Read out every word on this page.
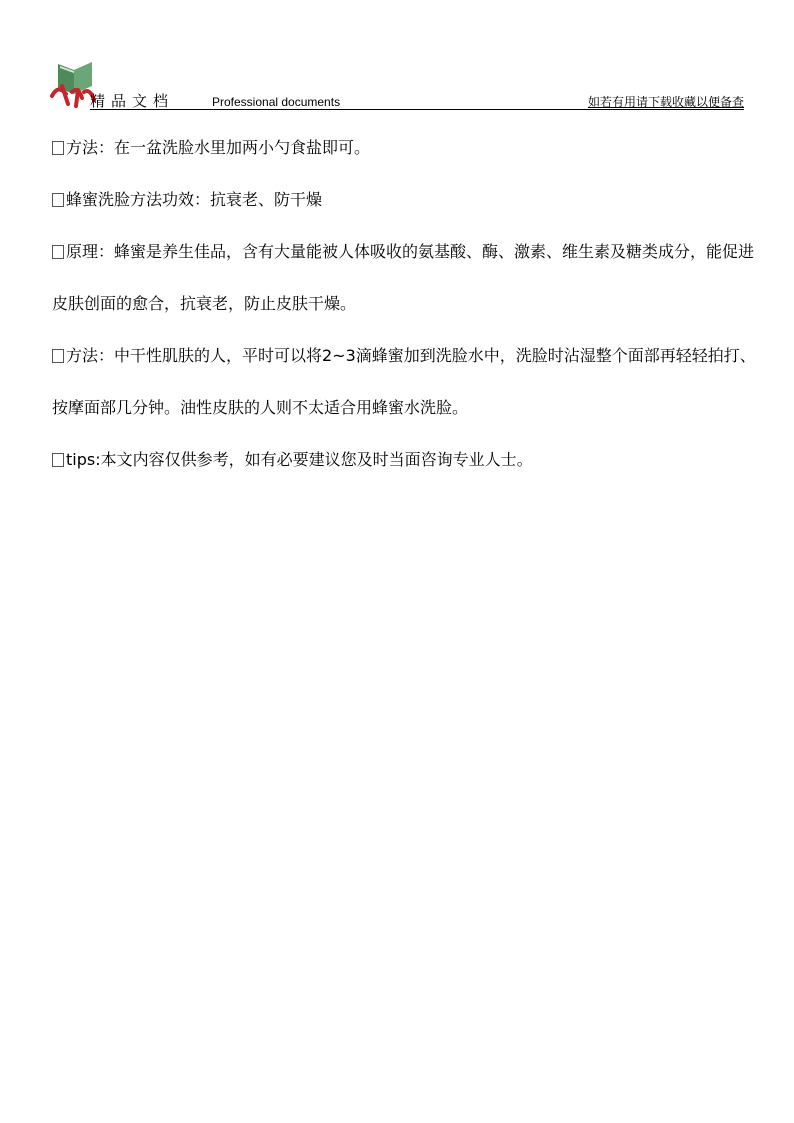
精品文档	Professional documents	如若有用请下载收藏以便备查

方法：在一盆洗脸水里加两小勺食盐即可。

蜂蜜洗脸方法功效：抗衰老、防干燥

原理：蜂蜜是养生佳品，含有大量能被人体吸收的氨基酸、酶、激素、维生素及糖类成分，能促进皮肤创面的愈合，抗衰老，防止皮肤干燥。

方法：中干性肌肤的人，平时可以将2~3滴蜂蜜加到洗脸水中，洗脸时沾湿整个面部再轻轻拍打、按摩面部几分钟。油性皮肤的人则不太适合用蜂蜜水洗脸。

tips:本文内容仅供参考，如有必要建议您及时当面咨询专业人士。
